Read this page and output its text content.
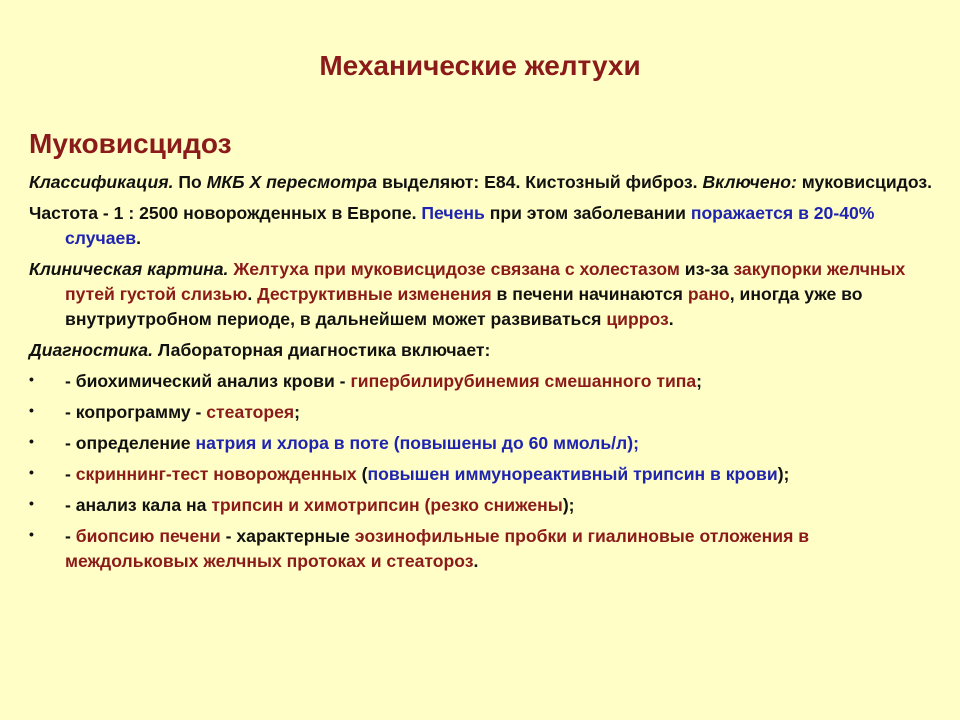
Механические желтухи
Муковисцидоз

Классификация. По МКБ Х пересмотра выделяют: Е84. Кистозный фиброз. Включено: муковисцидоз.

Частота - 1 : 2500 новорожденных в Европе. Печень при этом заболевании поражается в 20-40% случаев.

Клиническая картина. Желтуха при муковисцидозе связана с холестазом из-за закупорки желчных путей густой слизью. Деструктивные изменения в печени начинаются рано, иногда уже во внутриутробном периоде, в дальнейшем может развиваться цирроз.

Диагностика. Лабораторная диагностика включает:

• - биохимический анализ крови - гипербилирубинемия смешанного типа;
• - копрограмму - стеаторея;
• - определение натрия и хлора в поте (повышены до 60 ммоль/л);
• - скриннинг-тест новорожденных (повышен иммунореактивный трипсин в крови);
• - анализ кала на трипсин и химотрипсин (резко снижены);
• - биопсию печени - характерные эозинофильные пробки и гиалиновые отложения в междольковых желчных протоках и стеатороз.
